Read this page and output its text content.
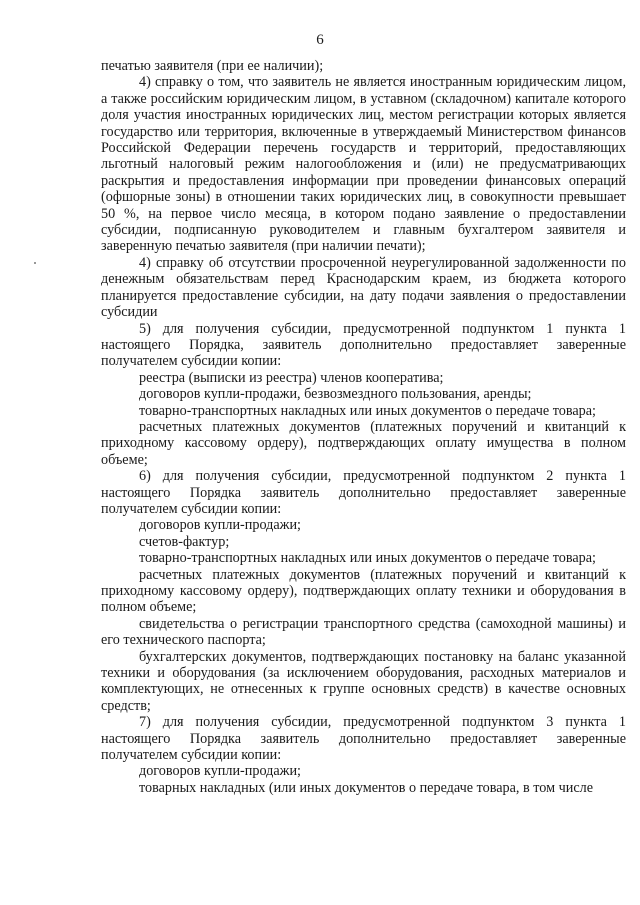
6

печатью заявителя (при ее наличии);

4) справку о том, что заявитель не является иностранным юридическим лицом, а также российским юридическим лицом, в уставном (складочном) капитале которого доля участия иностранных юридических лиц, местом регистрации которых является государство или территория, включенные в утверждаемый Министерством финансов Российской Федерации перечень государств и территорий, предоставляющих льготный налоговый режим налогообложения и (или) не предусматривающих раскрытия и предоставления информации при проведении финансовых операций (офшорные зоны) в отношении таких юридических лиц, в совокупности превышает 50 %, на первое число месяца, в котором подано заявление о предоставлении субсидии, подписанную руководителем и главным бухгалтером заявителя и заверенную печатью заявителя (при наличии печати);

4) справку об отсутствии просроченной неурегулированной задолженности по денежным обязательствам перед Краснодарским краем, из бюджета которого планируется предоставление субсидии, на дату подачи заявления о предоставлении субсидии

5) для получения субсидии, предусмотренной подпунктом 1 пункта 1 настоящего Порядка, заявитель дополнительно предоставляет заверенные получателем субсидии копии:

реестра (выписки из реестра) членов кооператива;

договоров купли-продажи, безвозмездного пользования, аренды;

товарно-транспортных накладных или иных документов о передаче товара;

расчетных платежных документов (платежных поручений и квитанций к приходному кассовому ордеру), подтверждающих оплату имущества в полном объеме;

6) для получения субсидии, предусмотренной подпунктом 2 пункта 1 настоящего Порядка заявитель дополнительно предоставляет заверенные получателем субсидии копии:

договоров купли-продажи;

счетов-фактур;

товарно-транспортных накладных или иных документов о передаче товара;

расчетных платежных документов (платежных поручений и квитанций к приходному кассовому ордеру), подтверждающих оплату техники и оборудования в полном объеме;

свидетельства о регистрации транспортного средства (самоходной машины) и его технического паспорта;

бухгалтерских документов, подтверждающих постановку на баланс указанной техники и оборудования (за исключением оборудования, расходных материалов и комплектующих, не отнесенных к группе основных средств) в качестве основных средств;

7) для получения субсидии, предусмотренной подпунктом 3 пункта 1 настоящего Порядка заявитель дополнительно предоставляет заверенные получателем субсидии копии:

договоров купли-продажи;

товарных накладных (или иных документов о передаче товара, в том числе
